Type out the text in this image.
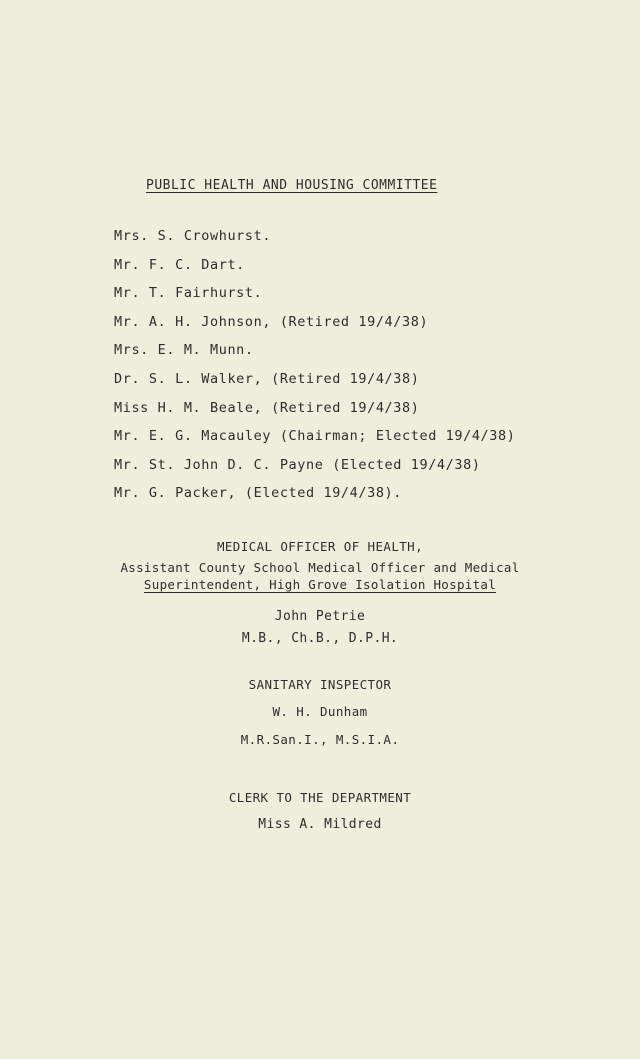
PUBLIC HEALTH AND HOUSING COMMITTEE
Mrs. S. Crowhurst.
Mr. F. C. Dart.
Mr. T. Fairhurst.
Mr. A. H. Johnson, (Retired 19/4/38)
Mrs. E. M. Munn.
Dr. S. L. Walker, (Retired 19/4/38)
Miss H. M. Beale, (Retired 19/4/38)
Mr. E. G. Macauley (Chairman; Elected 19/4/38)
Mr. St. John D. C. Payne (Elected 19/4/38)
Mr. G. Packer, (Elected 19/4/38).
MEDICAL OFFICER OF HEALTH,
Assistant County School Medical Officer and Medical
Superintendent, High Grove Isolation Hospital
John Petrie
M.B., Ch.B., D.P.H.
SANITARY INSPECTOR
W. H. Dunham
M.R.San.I., M.S.I.A.
CLERK TO THE DEPARTMENT
Miss A. Mildred
